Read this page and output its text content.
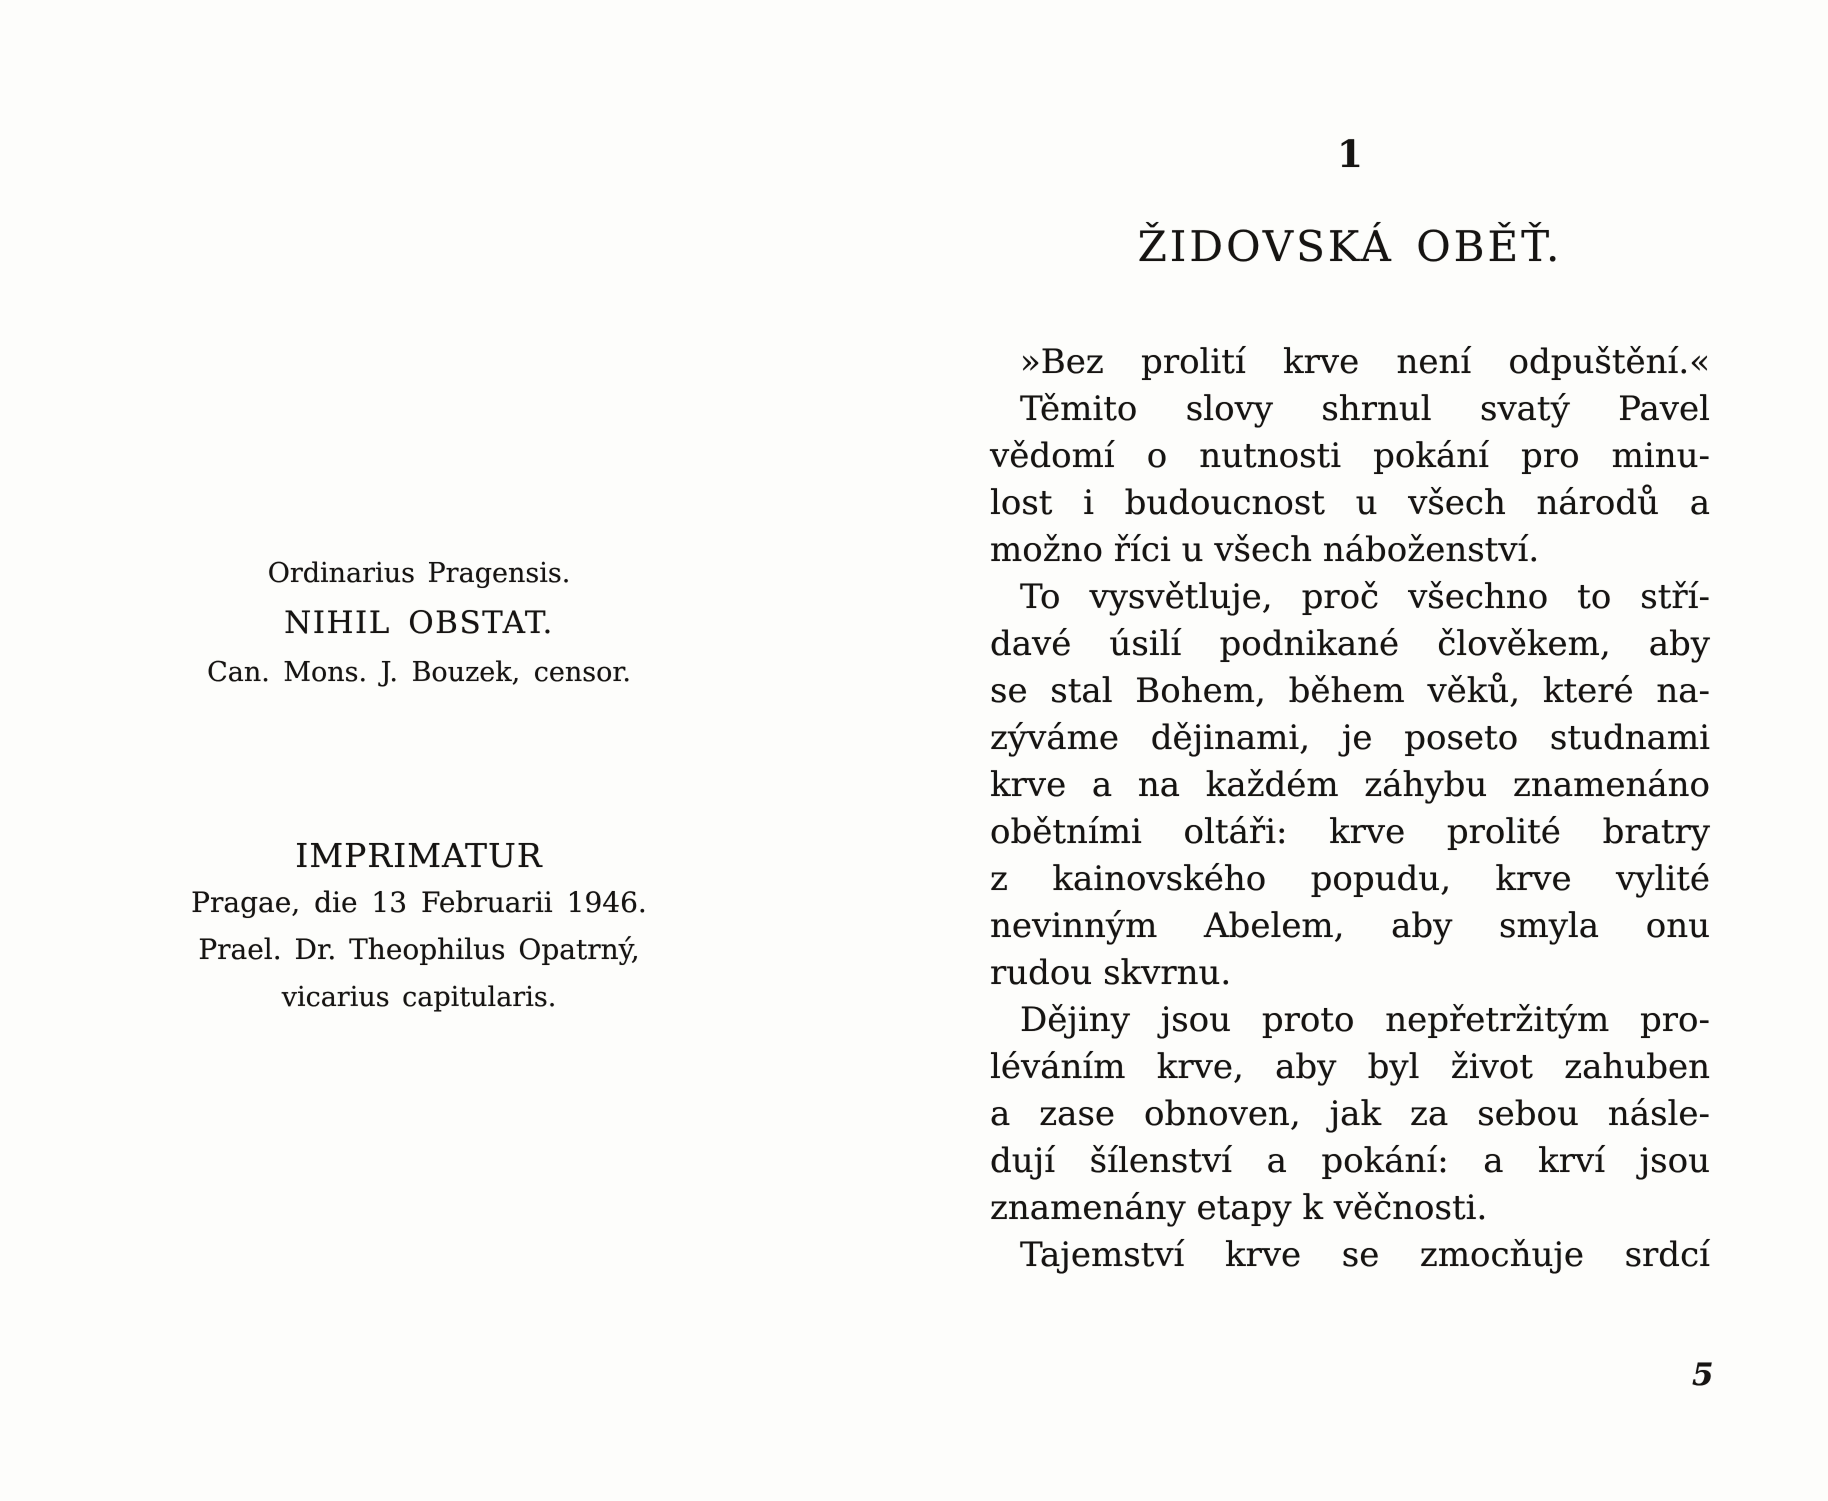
Ordinarius Pragensis.
NIHIL OBSTAT.
Can. Mons. J. Bouzek, censor.
IMPRIMATUR
Pragae, die 13 Februarii 1946.
Prael. Dr. Theophilus Opatrný,
vicarius capitularis.
1
ŽIDOVSKÁ OBĚŤ.
»Bez prolití krve není odpuštění.«
Těmito slovy shrnul svatý Pavel
vědomí o nutnosti pokání pro minu-
lost i budoucnost u všech národů a
možno říci u všech náboženství.
To vysvětluje, proč všechno to stří-
davé úsilí podnikané člověkem, aby
se stal Bohem, během věků, které na-
zýváme dějinami, je poseto studnami
krve a na každém záhybu znamenáno
obětními oltáři: krve prolité bratry
z kainovského popudu, krve vylité
nevinným Abelem, aby smyla onu
rudou skvrnu.
Dějiny jsou proto nepřetržitým pro-
léváním krve, aby byl život zahuben
a zase obnoven, jak za sebou násle-
dují šílenství a pokání: a krví jsou
znamenány etapy k věčnosti.
Tajemství krve se zmocňuje srdcí
5
